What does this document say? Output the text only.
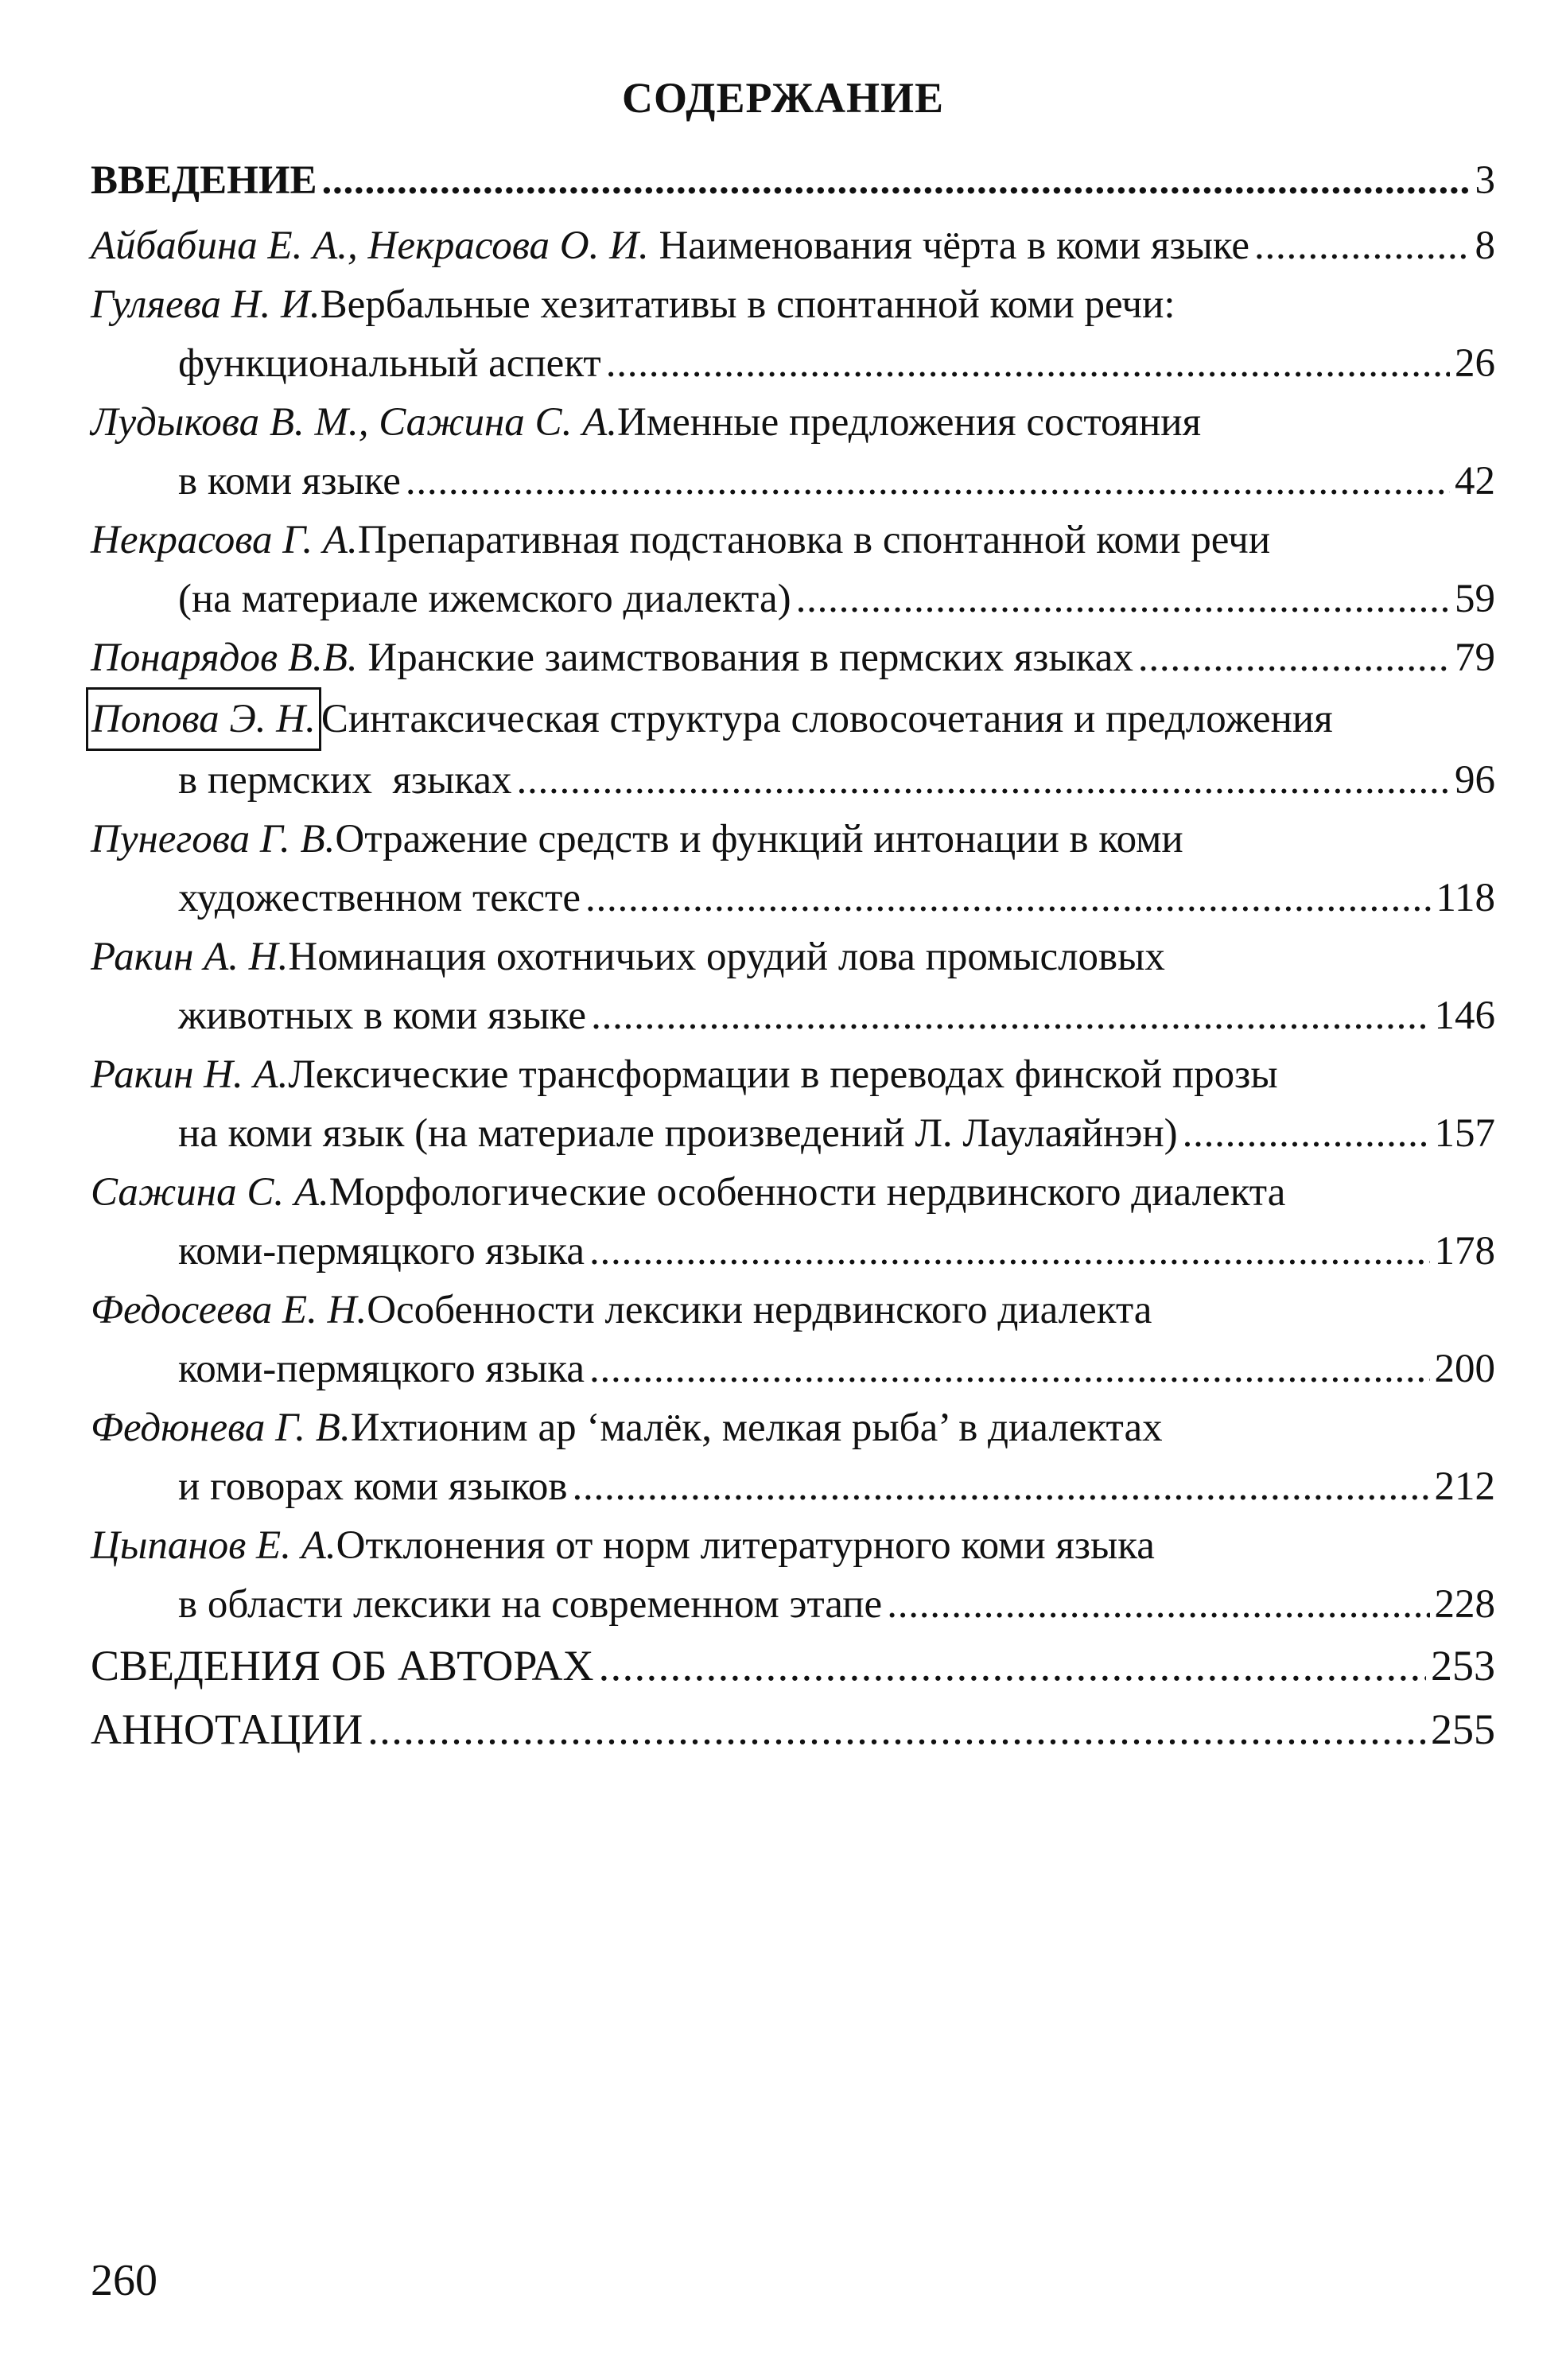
СОДЕРЖАНИЕ
ВВЕДЕНИЕ . . .	3
Айбабина Е. А., Некрасова О. И. Наименования чёрта в коми языке . . .	8
Гуляева Н. И. Вербальные хезитативы в спонтанной коми речи:
функциональный аспект . . .	26
Лудыкова В. М., Сажина С. А. Именные предложения состояния
в коми языке . . .	42
Некрасова Г. А. Препаративная подстановка в спонтанной коми речи
(на материале ижемского диалекта) . . .	59
Понарядов В.В. Иранские заимствования в пермских языках . . .	79
Попова Э. Н. Синтаксическая структура словосочетания и предложения
в пермских  языках . . .	96
Пунегова Г. В. Отражение средств и функций интонации в коми
художественном тексте . . .	118
Ракин А. Н. Номинация охотничьих орудий лова промысловых
животных в коми языке . . .	146
Ракин Н. А. Лексические трансформации в переводах финской прозы
на коми язык (на материале произведений Л. Лаулаяйнэн) . . .	157
Сажина С. А. Морфологические особенности нердвинского диалекта
коми-пермяцкого языка . . .	178
Федосеева Е. Н. Особенности лексики нердвинского диалекта
коми-пермяцкого языка . . .	200
Федюнева Г. В. Ихтионим ар ‘малёк, мелкая рыба’ в диалектах
и говорах коми языков . . .	212
Цыпанов Е. А. Отклонения от норм литературного коми языка
в области лексики на современном этапе . . .	228
СВЕДЕНИЯ ОБ АВТОРАХ . . .	253
АННОТАЦИИ . . .	255
260
